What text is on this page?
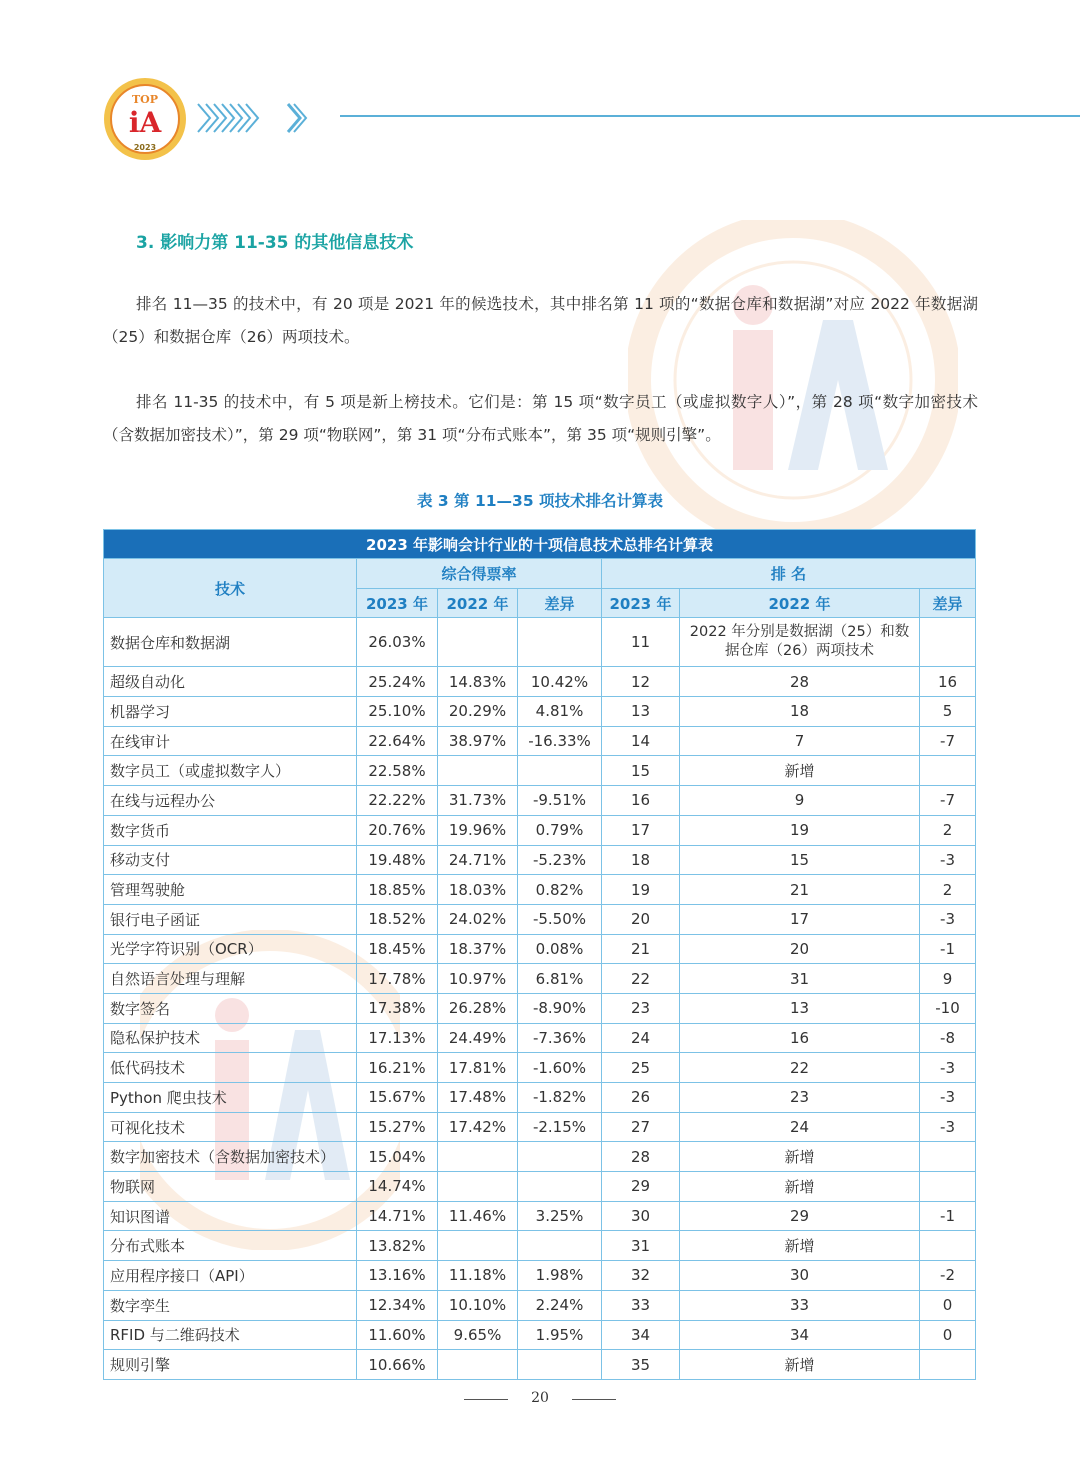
TOP
iA
2023
3. 影响力第 11-35 的其他信息技术
排名 11—35 的技术中，有 20 项是 2021 年的候选技术，其中排名第 11 项的“数据仓库和数据湖”对应 2022 年数据湖（25）和数据仓库（26）两项技术。
排名 11-35 的技术中，有 5 项是新上榜技术。它们是：第 15 项“数字员工（或虚拟数字人）”，第 28 项“数字加密技术（含数据加密技术）”，第 29 项“物联网”，第 31 项“分布式账本”，第 35 项“规则引擎”。
表 3 第 11—35 项技术排名计算表
2023 年影响会计行业的十项信息技术总排名计算表						
技术	综合得票率			排 名		
	2023 年	2022 年	差异	2023 年	2022 年	差异
数据仓库和数据湖	26.03%			11	2022 年分别是数据湖（25）和数据仓库（26）两项技术	
超级自动化	25.24%	14.83%	10.42%	12	28	16
机器学习	25.10%	20.29%	4.81%	13	18	5
在线审计	22.64%	38.97%	-16.33%	14	7	-7
数字员工（或虚拟数字人）	22.58%			15	新增	
在线与远程办公	22.22%	31.73%	-9.51%	16	9	-7
数字货币	20.76%	19.96%	0.79%	17	19	2
移动支付	19.48%	24.71%	-5.23%	18	15	-3
管理驾驶舱	18.85%	18.03%	0.82%	19	21	2
银行电子函证	18.52%	24.02%	-5.50%	20	17	-3
光学字符识别（OCR）	18.45%	18.37%	0.08%	21	20	-1
自然语言处理与理解	17.78%	10.97%	6.81%	22	31	9
数字签名	17.38%	26.28%	-8.90%	23	13	-10
隐私保护技术	17.13%	24.49%	-7.36%	24	16	-8
低代码技术	16.21%	17.81%	-1.60%	25	22	-3
Python 爬虫技术	15.67%	17.48%	-1.82%	26	23	-3
可视化技术	15.27%	17.42%	-2.15%	27	24	-3
数字加密技术（含数据加密技术）	15.04%			28	新增	
物联网	14.74%			29	新增	
知识图谱	14.71%	11.46%	3.25%	30	29	-1
分布式账本	13.82%			31	新增	
应用程序接口（API）	13.16%	11.18%	1.98%	32	30	-2
数字孪生	12.34%	10.10%	2.24%	33	33	0
RFID 与二维码技术	11.60%	9.65%	1.95%	34	34	0
规则引擎	10.66%			35	新增	
20
